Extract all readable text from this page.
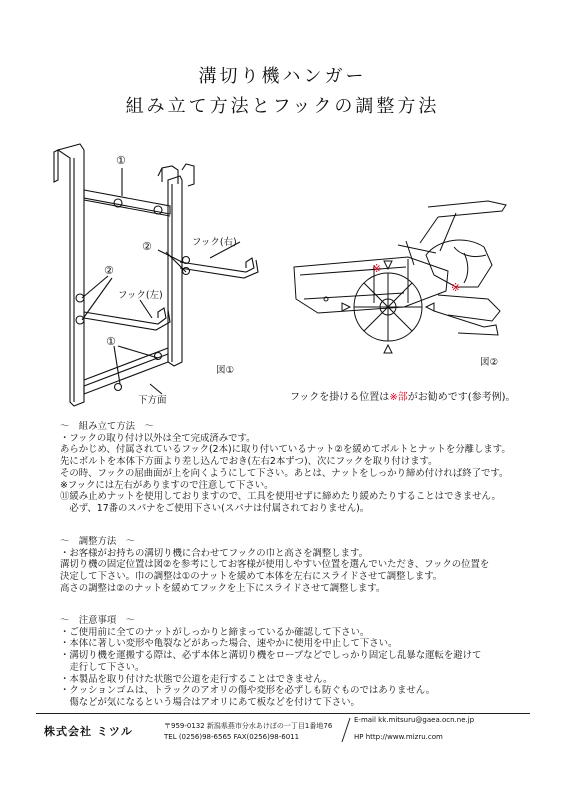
溝切り機ハンガー
組み立て方法とフックの調整方法
①
②
②
①
フック(右)
フック(左)
図①
下方面
※
※
図②
フックを掛ける位置は※部がお勧めです(参考例)。
～　組み立て方法　～
・フックの取り付け以外は全て完成済みです。
あらかじめ、付属されているフック(2本)に取り付いているナット②を緩めてボルトとナットを分離します。
先にボルトを本体下方面より差し込んでおき(左右2本ずつ)、次にフックを取り付けます。
その時、フックの屈曲面が上を向くようにして下さい。あとは、ナットをしっかり締め付ければ終了です。
※フックには左右がありますので注意して下さい。
⑪緩み止めナットを使用しておりますので、工具を使用せずに締めたり緩めたりすることはできません。
　必ず、17番のスパナをご使用下さい(スパナは付属されておりません)。
～　調整方法　～
・お客様がお持ちの溝切り機に合わせてフックの巾と高さを調整します。
溝切り機の固定位置は図②を参考にしてお客様が使用しやすい位置を選んでいただき、フックの位置を
決定して下さい。巾の調整は①のナットを緩めて本体を左右にスライドさせて調整します。
高さの調整は②のナットを緩めてフックを上下にスライドさせて調整します。
～　注意事項　～
・ご使用前に全てのナットがしっかりと締まっているか確認して下さい。
・本体に著しい変形や亀裂などがあった場合、速やかに使用を中止して下さい。
・溝切り機を運搬する際は、必ず本体と溝切り機をロープなどでしっかり固定し乱暴な運転を避けて
　走行して下さい。
・本製品を取り付けた状態で公道を走行することはできません。
・クッションゴムは、トラックのアオリの傷や変形を必ずしも防ぐものではありません。
　傷などが気になるという場合はアオリにあて板などを付けて下さい。
株式会社 ミツル	〒959-0132 新潟県燕市分水あけぼの一丁目1番地76
TEL (0256)98-6565 FAX(0256)98-6011
E-mail kk.mitsuru@gaea.ocn.ne.jp
HP http://www.mizru.com
